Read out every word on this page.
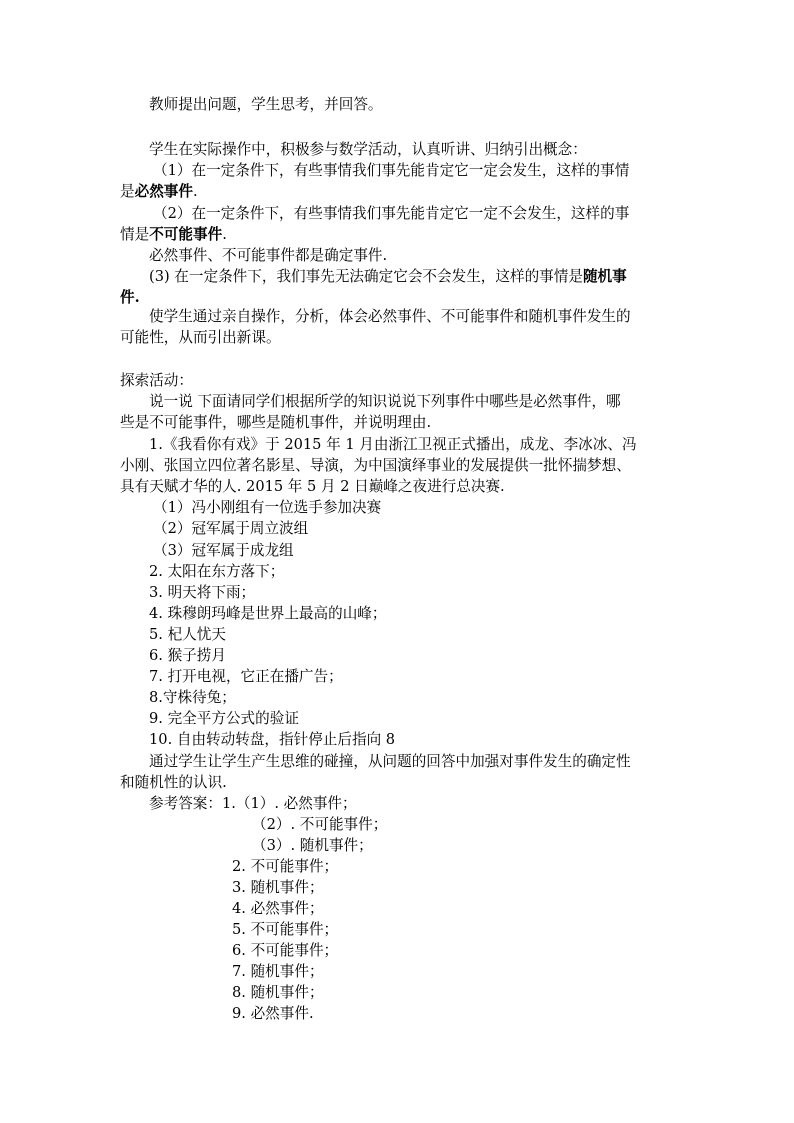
教师提出问题，学生思考，并回答。
学生在实际操作中，积极参与数学活动，认真听讲、归纳引出概念：
（1）在一定条件下，有些事情我们事先能肯定它一定会发生，这样的事情
是必然事件.
（2）在一定条件下，有些事情我们事先能肯定它一定不会发生，这样的事
情是不可能事件.
必然事件、不可能事件都是确定事件.
(3) 在一定条件下，我们事先无法确定它会不会发生，这样的事情是随机事
件.
使学生通过亲自操作，分析，体会必然事件、不可能事件和随机事件发生的
可能性，从而引出新课。
探索活动：
说一说 下面请同学们根据所学的知识说说下列事件中哪些是必然事件，哪
些是不可能事件，哪些是随机事件，并说明理由.
1.《我看你有戏》于 2015 年 1 月由浙江卫视正式播出，成龙、李冰冰、冯
小刚、张国立四位著名影星、导演，为中国演绎事业的发展提供一批怀揣梦想、
具有天赋才华的人. 2015 年 5 月 2 日巅峰之夜进行总决赛.
（1）冯小刚组有一位选手参加决赛
（2）冠军属于周立波组
（3）冠军属于成龙组
2. 太阳在东方落下；
3. 明天将下雨；
4. 珠穆朗玛峰是世界上最高的山峰；
5. 杞人忧天
6. 猴子捞月
7. 打开电视，它正在播广告；
8.守株待兔；
9. 完全平方公式的验证
10. 自由转动转盘，指针停止后指向 8
通过学生让学生产生思维的碰撞，从问题的回答中加强对事件发生的确定性
和随机性的认识.
参考答案：1.（1）. 必然事件；
（2）. 不可能事件；
（3）. 随机事件；
2. 不可能事件；
3. 随机事件；
4. 必然事件；
5. 不可能事件；
6. 不可能事件；
7. 随机事件；
8. 随机事件；
9. 必然事件.
